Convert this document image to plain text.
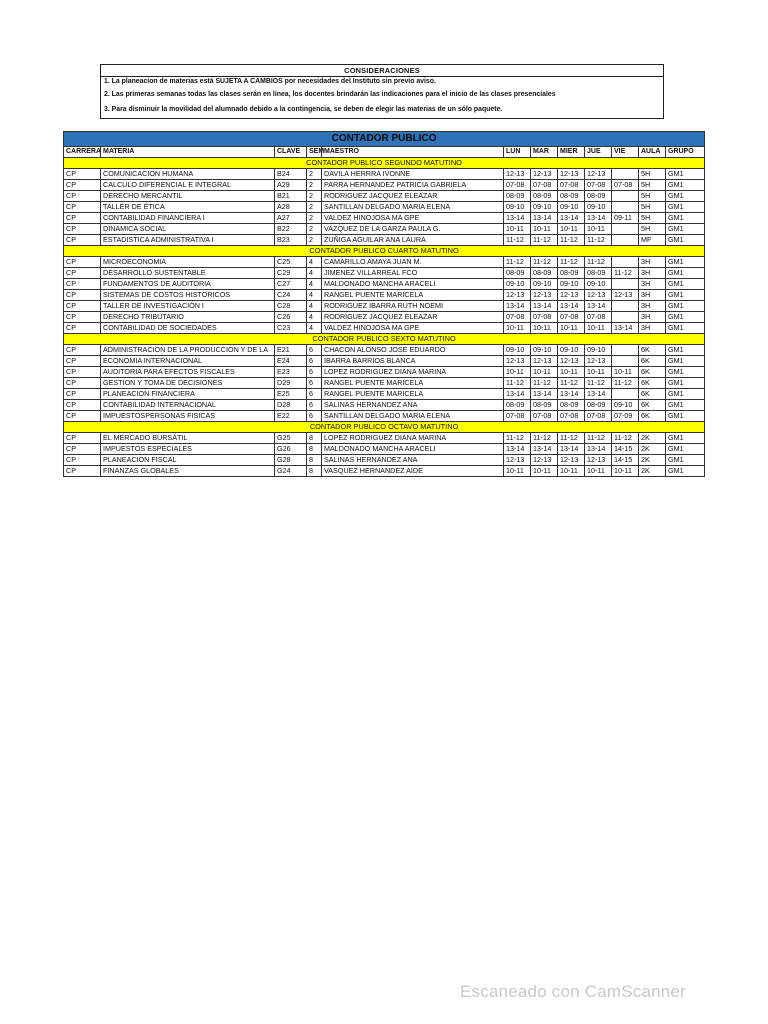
CONSIDERACIONES
1. La planeacion de materias está SUJETA A CAMBIOS por necesidades del Instituto sin previo aviso.
2. Las primeras semanas todas las clases serán en línea, los docentes brindarán las indicaciones para el inicio de las clases presenciales
3. Para disminuir la movilidad del alumnado debido a la contingencia, se deben de elegir las materias de un sólo paquete.
CONTADOR PUBLICO											
CARRERA	MATERIA	CLAVE	SEM	MAESTRO	LUN	MAR	MIER	JUE	VIE	AULA	GRUPO
CONTADOR PUBLICO SEGUNDO MATUTINO											
CP	COMUNICACION HUMANA	B24	2	DAVILA HERRRA IVONNE	12-13	12-13	12-13	12-13		5H	GM1
CP	CALCULO DIFERENCIAL E INTEGRAL	A29	2	PARRA HERNANDEZ PATRICIA GABRIELA	07-08	07-08	07-08	07-08	07-08	5H	GM1
CP	DERECHO MERCANTIL	B21	2	RODRIGUEZ JACQUEZ ELEAZAR	08-09	08-09	08-09	08-09		5H	GM1
CP	TALLER DE ÉTICA	A28	2	SANTILLAN DELGADO MARIA ELENA	09-10	09-10	09-10	09-10		5H	GM1
CP	CONTABILIDAD FINANCIERA I	A27	2	VALDEZ HINOJOSA MA GPE	13-14	13-14	13-14	13-14	09-11	5H	GM1
CP	DINAMICA SOCIAL	B22	2	VAZQUEZ DE LA GARZA PAULA G.	10-11	10-11	10-11	10-11		5H	GM1
CP	ESTADISTICA ADMINISTRATIVA I	B23	2	ZUÑIGA AGUILAR ANA LAURA	11-12	11-12	11-12	11-12		MF	GM1
CONTADOR PUBLICO CUARTO MATUTINO											
CP	MICROECONOMIA	C25	4	CAMARILLO AMAYA JUAN M.	11-12	11-12	11-12	11-12		3H	GM1
CP	DESARROLLO SUSTENTABLE	C29	4	JIMENEZ VILLARREAL FCO	08-09	08-09	08-09	08-09	11-12	3H	GM1
CP	FUNDAMENTOS DE AUDITORIA	C27	4	MALDONADO MANCHA ARACELI	09-10	09-10	09-10	09-10		3H	GM1
CP	SISTEMAS DE COSTOS HISTORICOS	C24	4	RANGEL PUENTE MARICELA	12-13	12-13	12-13	12-13	12-13	3H	GM1
CP	TALLER DE INVESTIGACIÓN I	C28	4	RODRIGUEZ IBARRA RUTH NOEMI	13-14	13-14	13-14	13-14		3H	GM1
CP	DERECHO TRIBUTARIO	C26	4	RODRIGUEZ JACQUEZ ELEAZAR	07-08	07-08	07-08	07-08		3H	GM1
CP	CONTABILIDAD DE SOCIEDADES	C23	4	VALDEZ HINOJOSA MA GPE	10-11	10-11	10-11	10-11	13-14	3H	GM1
CONTADOR PUBLICO SEXTO MATUTINO											
CP	ADMINISTRACION DE LA PRODUCCION Y DE LA	E21	6	CHACON ALONSO JOSE EDUARDO	09-10	09-10	09-10	09-10		6K	GM1
CP	ECONOMIA INTERNACIONAL	E24	6	IBARRA BARRIOS BLANCA	12-13	12-13	12-13	12-13		6K	GM1
CP	AUDITORIA PARA EFECTOS FISCALES	E23	6	LOPEZ RODRIGUEZ DIANA MARINA	10-11	10-11	10-11	10-11	10-11	6K	GM1
CP	GESTION Y TOMA DE DECISIONES	D29	6	RANGEL PUENTE MARICELA	11-12	11-12	11-12	11-12	11-12	6K	GM1
CP	PLANEACION FINANCIERA	E25	6	RANGEL PUENTE MARICELA	13-14	13-14	13-14	13-14		6K	GM1
CP	CONTABILIDAD INTERNACIONAL	D28	6	SALINAS HERNANDEZ ANA	08-09	08-09	08-09	08-09	09-10	6K	GM1
CP	IMPUESTOSPERSONAS FISICAS	E22	6	SANTILLAN DELGADO MARIA ELENA	07-08	07-08	07-08	07-08	07-09	6K	GM1
CONTADOR PUBLICO OCTAVO MATUTINO											
CP	EL MERCADO BURSÁTIL	G25	8	LOPEZ RODRIGUEZ DIANA MARINA	11-12	11-12	11-12	11-12	11-12	2K	GM1
CP	IMPUESTOS ESPECIALES	G26	8	MALDONADO MANCHA ARACELI	13-14	13-14	13-14	13-14	14-15	2K	GM1
CP	PLANEACION FISCAL	G28	8	SALINAS HERNANDEZ ANA	12-13	12-13	12-13	12-13	14-15	2K	GM1
CP	FINANZAS GLOBALES	G24	8	VASQUEZ HERNANDEZ AIDE	10-11	10-11	10-11	10-11	10-11	2K	GM1
Escaneado con CamScanner
